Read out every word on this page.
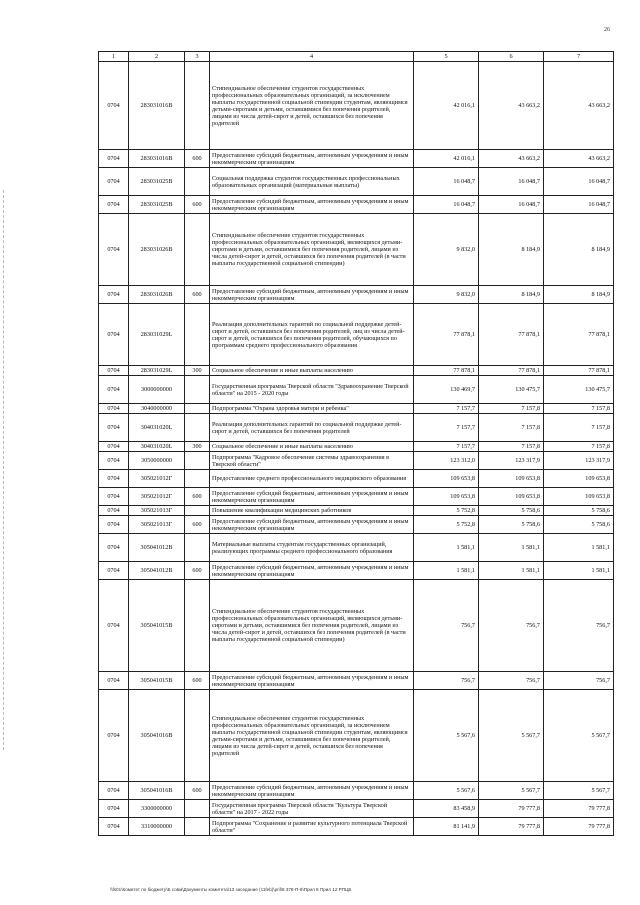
26
1	2	3	4	5	6	7
0704	283031016В		Стипендиальное обеспечение студентов государственных профессиональных образовательных организаций, за исключением выплаты государственной социальной стипендии студентам, являющимся детьми-сиротами и детьми, оставшимися без попечения родителей, лицами из числа детей-сирот и детей, оставшихся без попечения родителей	42 016,1	43 663,2	43 663,2
0704	283031016В	600	Предоставление субсидий бюджетным, автономным учреждениям и иным некоммерческим организациям	42 016,1	43 663,2	43 663,2
0704	283031025В		Социальная поддержка студентов государственных профессиональных образовательных организаций (материальные выплаты)	16 048,7	16 048,7	16 048,7
0704	283031025В	600	Предоставление субсидий бюджетным, автономным учреждениям и иным некоммерческим организациям	16 048,7	16 048,7	16 048,7
0704	283031026В		Стипендиальное обеспечение студентов государственных профессиональных образовательных организаций, являющихся детьми-сиротами и детьми, оставшимися без попечения родителей, лицами из числа детей-сирот и детей, оставшихся без попечения родителей (в части выплаты государственной социальной стипендии)	9 832,0	8 184,9	8 184,9
0704	283031026В	600	Предоставление субсидий бюджетным, автономным учреждениям и иным некоммерческим организациям	9 832,0	8 184,9	8 184,9
0704	283031029L		Реализация дополнительных гарантий по социальной поддержке детей-сирот и детей, оставшихся без попечения родителей, лиц из числа детей-сирот и детей, оставшихся без попечения родителей, обучающихся по программам среднего профессионального образования	77 878,1	77 878,1	77 878,1
0704	283031029L	300	Социальное обеспечение и иные выплаты населению	77 878,1	77 878,1	77 878,1
0704	3000000000		Государственная программа Тверской области "Здравоохранение Тверской области" на 2015 - 2020 годы	130 469,7	130 475,7	130 475,7
0704	3040000000		Подпрограмма "Охрана здоровья матери и ребенка"	7 157,7	7 157,8	7 157,8
0704	304031020L		Реализация дополнительных гарантий по социальной поддержке детей-сирот и детей, оставшихся без попечения родителей	7 157,7	7 157,8	7 157,8
0704	304031020L	300	Социальное обеспечение и иные выплаты населению	7 157,7	7 157,8	7 157,8
0704	3050000000		Подпрограмма "Кадровое обеспечение системы здравоохранения в Тверской области"	123 312,0	123 317,9	123 317,9
0704	305021012Г		Предоставление среднего профессионального медицинского образования	109 653,8	109 653,8	109 653,8
0704	305021012Г	600	Предоставление субсидий бюджетным, автономным учреждениям и иным некоммерческим организациям	109 653,8	109 653,8	109 653,8
0704	305021013Г		Повышение квалификации медицинских работников	5 752,8	5 758,6	5 758,6
0704	305021013Г	600	Предоставление субсидий бюджетным, автономным учреждениям и иным некоммерческим организациям	5 752,8	5 758,6	5 758,6
0704	305041012В		Материальные выплаты студентам государственных организаций, реализующих программы среднего профессионального образования	1 581,1	1 581,1	1 581,1
0704	305041012В	600	Предоставление субсидий бюджетным, автономным учреждениям и иным некоммерческим организациям	1 581,1	1 581,1	1 581,1
0704	305041015В		Стипендиальное обеспечение студентов государственных профессиональных образовательных организаций, являющихся детьми-сиротами и детьми, оставшимися без попечения родителей, лицами из числа детей-сирот и детей, оставшихся без попечения родителей (в части выплаты государственной социальной стипендии)	756,7	756,7	756,7
0704	305041015В	600	Предоставление субсидий бюджетным, автономным учреждениям и иным некоммерческим организациям	756,7	756,7	756,7
0704	305041016В		Стипендиальное обеспечение студентов государственных профессиональных образовательных организаций, за исключением выплаты государственной социальной стипендии студентам, являющимся детьми-сиротами и детьми, оставшимися без попечения родителей, лицами из числа детей-сирот и детей, оставшихся без попечения родителей	5 567,6	5 567,7	5 567,7
0704	305041016В	600	Предоставление субсидий бюджетным, автономным учреждениям и иным некоммерческим организациям	5 567,6	5 567,7	5 567,7
0704	3300000000		Государственная программа Тверской области "Культура Тверской области" на 2017 - 2022 годы	83 458,9	79 777,8	79 777,8
0704	3310000000		Подпрограмма "Сохранение и развитие культурного потенциала Тверской области"	81 141,9	79 777,8	79 777,8
\\fs01\Комитет по бюджету\Б совм\Документы комитета\13 заседание (11feb)\pril\8 378-П-6\Прил 8 Прил 12 РПЦБ
